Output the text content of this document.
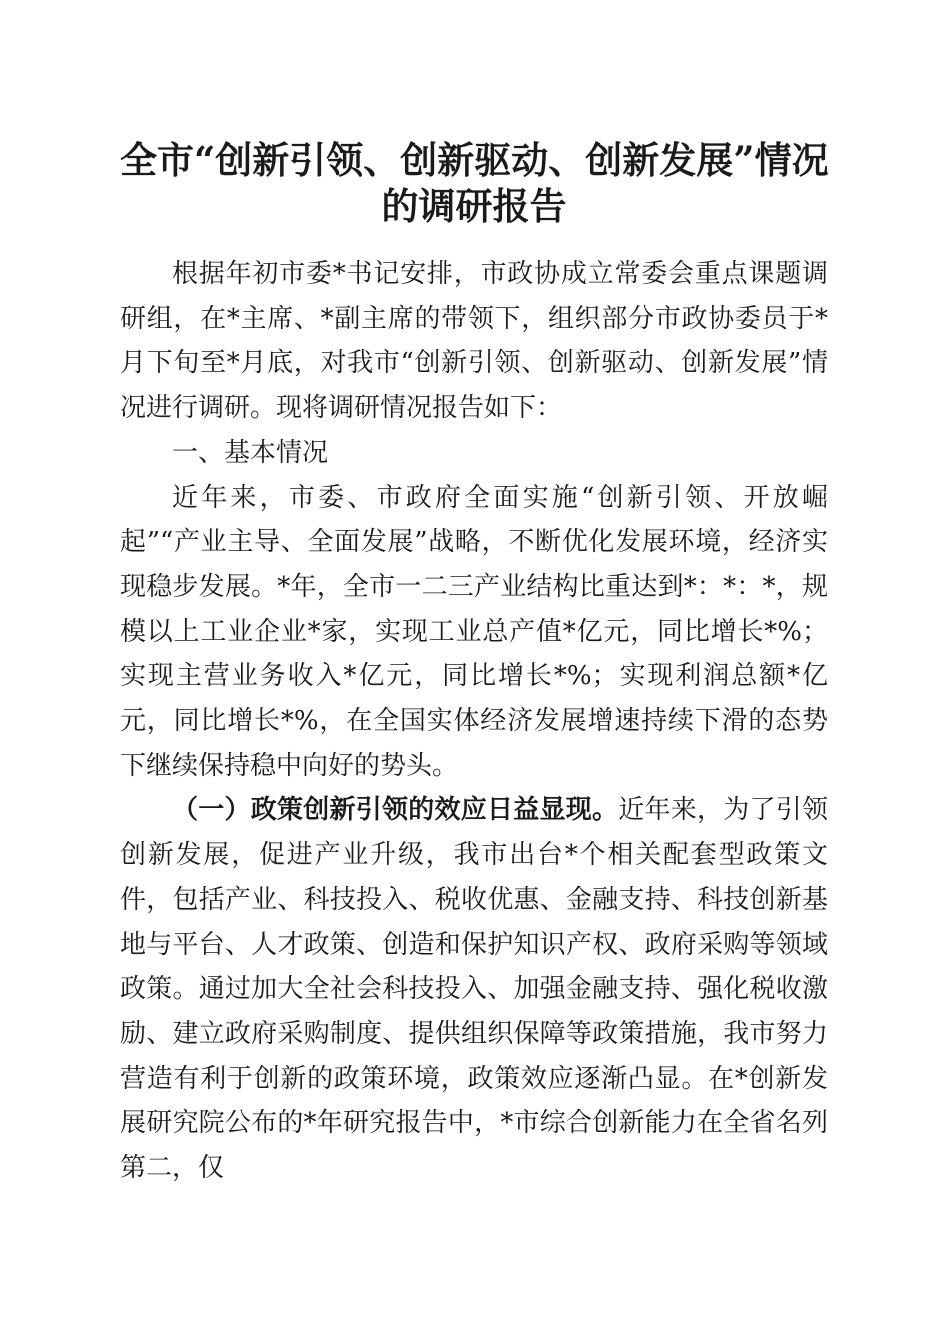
全市“创新引领、创新驱动、创新发展”情况
的调研报告

根据年初市委*书记安排，市政协成立常委会重点课题调研组，在*主席、*副主席的带领下，组织部分市政协委员于*月下旬至*月底，对我市“创新引领、创新驱动、创新发展”情况进行调研。现将调研情况报告如下：

一、基本情况

近年来，市委、市政府全面实施“创新引领、开放崛起”“产业主导、全面发展”战略，不断优化发展环境，经济实现稳步发展。*年，全市一二三产业结构比重达到*：*：*，规模以上工业企业*家，实现工业总产值*亿元，同比增长*%；实现主营业务收入*亿元，同比增长*%；实现利润总额*亿元，同比增长*%，在全国实体经济发展增速持续下滑的态势下继续保持稳中向好的势头。

（一）政策创新引领的效应日益显现。近年来，为了引领创新发展，促进产业升级，我市出台*个相关配套型政策文件，包括产业、科技投入、税收优惠、金融支持、科技创新基地与平台、人才政策、创造和保护知识产权、政府采购等领域政策。通过加大全社会科技投入、加强金融支持、强化税收激励、建立政府采购制度、提供组织保障等政策措施，我市努力营造有利于创新的政策环境，政策效应逐渐凸显。在*创新发展研究院公布的*年研究报告中，*市综合创新能力在全省名列第二，仅
